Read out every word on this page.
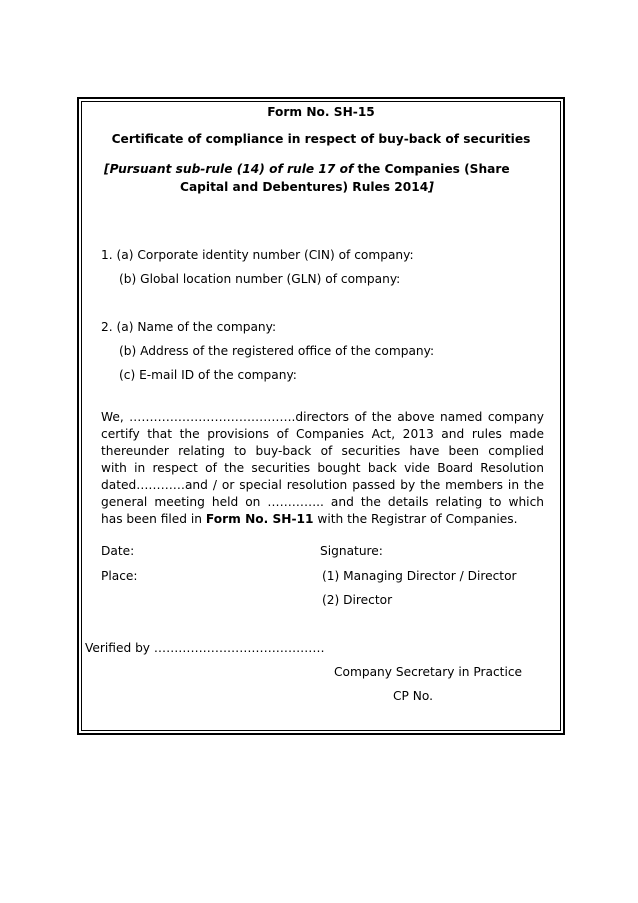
Form No. SH-15
Certificate of compliance in respect of buy-back of securities
[Pursuant sub-rule (14) of rule 17 of the Companies (Share
Capital and Debentures) Rules 2014]
1. (a) Corporate identity number (CIN) of company:
(b) Global location number (GLN) of company:
2. (a) Name of the company:
(b) Address of the registered office of the company:
(c) E-mail ID of the company:
We, …………………………………..directors of the above named company
certify that the provisions of Companies Act, 2013 and rules made
thereunder relating to buy-back of securities have been complied
with in respect of the securities bought back vide Board Resolution
dated…………and / or special resolution passed by the members in the
general meeting held on ………….. and the details relating to which
has been filed in Form No. SH-11 with the Registrar of Companies.
Date:	Signature:
Place:	(1) Managing Director / Director
(2) Director
Verified by ……………………………………
Company Secretary in Practice
CP No.
